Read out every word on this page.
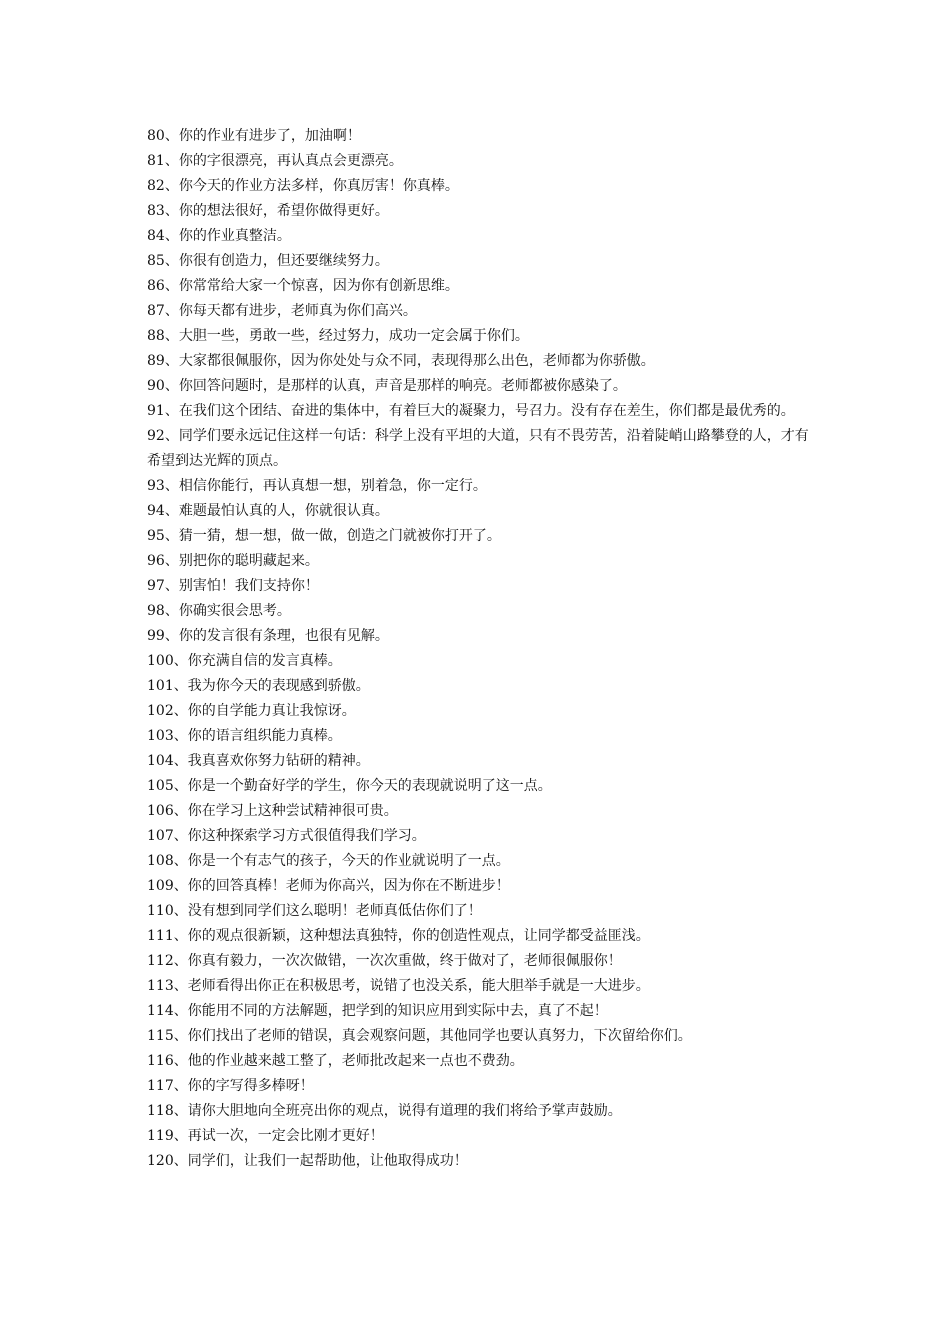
80、你的作业有进步了，加油啊！

81、你的字很漂亮，再认真点会更漂亮。

82、你今天的作业方法多样，你真厉害！你真棒。

83、你的想法很好，希望你做得更好。

84、你的作业真整洁。

85、你很有创造力，但还要继续努力。

86、你常常给大家一个惊喜，因为你有创新思维。

87、你每天都有进步，老师真为你们高兴。

88、大胆一些，勇敢一些，经过努力，成功一定会属于你们。

89、大家都很佩服你，因为你处处与众不同，表现得那么出色，老师都为你骄傲。

90、你回答问题时，是那样的认真，声音是那样的响亮。老师都被你感染了。

91、在我们这个团结、奋进的集体中，有着巨大的凝聚力，号召力。没有存在差生，你们都是最优秀的。

92、同学们要永远记住这样一句话：科学上没有平坦的大道，只有不畏劳苦，沿着陡峭山路攀登的人，才有希望到达光辉的顶点。

93、相信你能行，再认真想一想，别着急，你一定行。

94、难题最怕认真的人，你就很认真。

95、猜一猜，想一想，做一做，创造之门就被你打开了。

96、别把你的聪明藏起来。

97、别害怕！我们支持你！

98、你确实很会思考。

99、你的发言很有条理，也很有见解。

100、你充满自信的发言真棒。

101、我为你今天的表现感到骄傲。

102、你的自学能力真让我惊讶。

103、你的语言组织能力真棒。

104、我真喜欢你努力钻研的精神。

105、你是一个勤奋好学的学生，你今天的表现就说明了这一点。

106、你在学习上这种尝试精神很可贵。

107、你这种探索学习方式很值得我们学习。

108、你是一个有志气的孩子，今天的作业就说明了一点。

109、你的回答真棒！老师为你高兴，因为你在不断进步！

110、没有想到同学们这么聪明！老师真低估你们了！

111、你的观点很新颖，这种想法真独特，你的创造性观点，让同学都受益匪浅。

112、你真有毅力，一次次做错，一次次重做，终于做对了，老师很佩服你！

113、老师看得出你正在积极思考，说错了也没关系，能大胆举手就是一大进步。

114、你能用不同的方法解题，把学到的知识应用到实际中去，真了不起！

115、你们找出了老师的错误，真会观察问题，其他同学也要认真努力，下次留给你们。

116、他的作业越来越工整了，老师批改起来一点也不费劲。

117、你的字写得多棒呀！

118、请你大胆地向全班亮出你的观点，说得有道理的我们将给予掌声鼓励。

119、再试一次，一定会比刚才更好！

120、同学们，让我们一起帮助他，让他取得成功！
